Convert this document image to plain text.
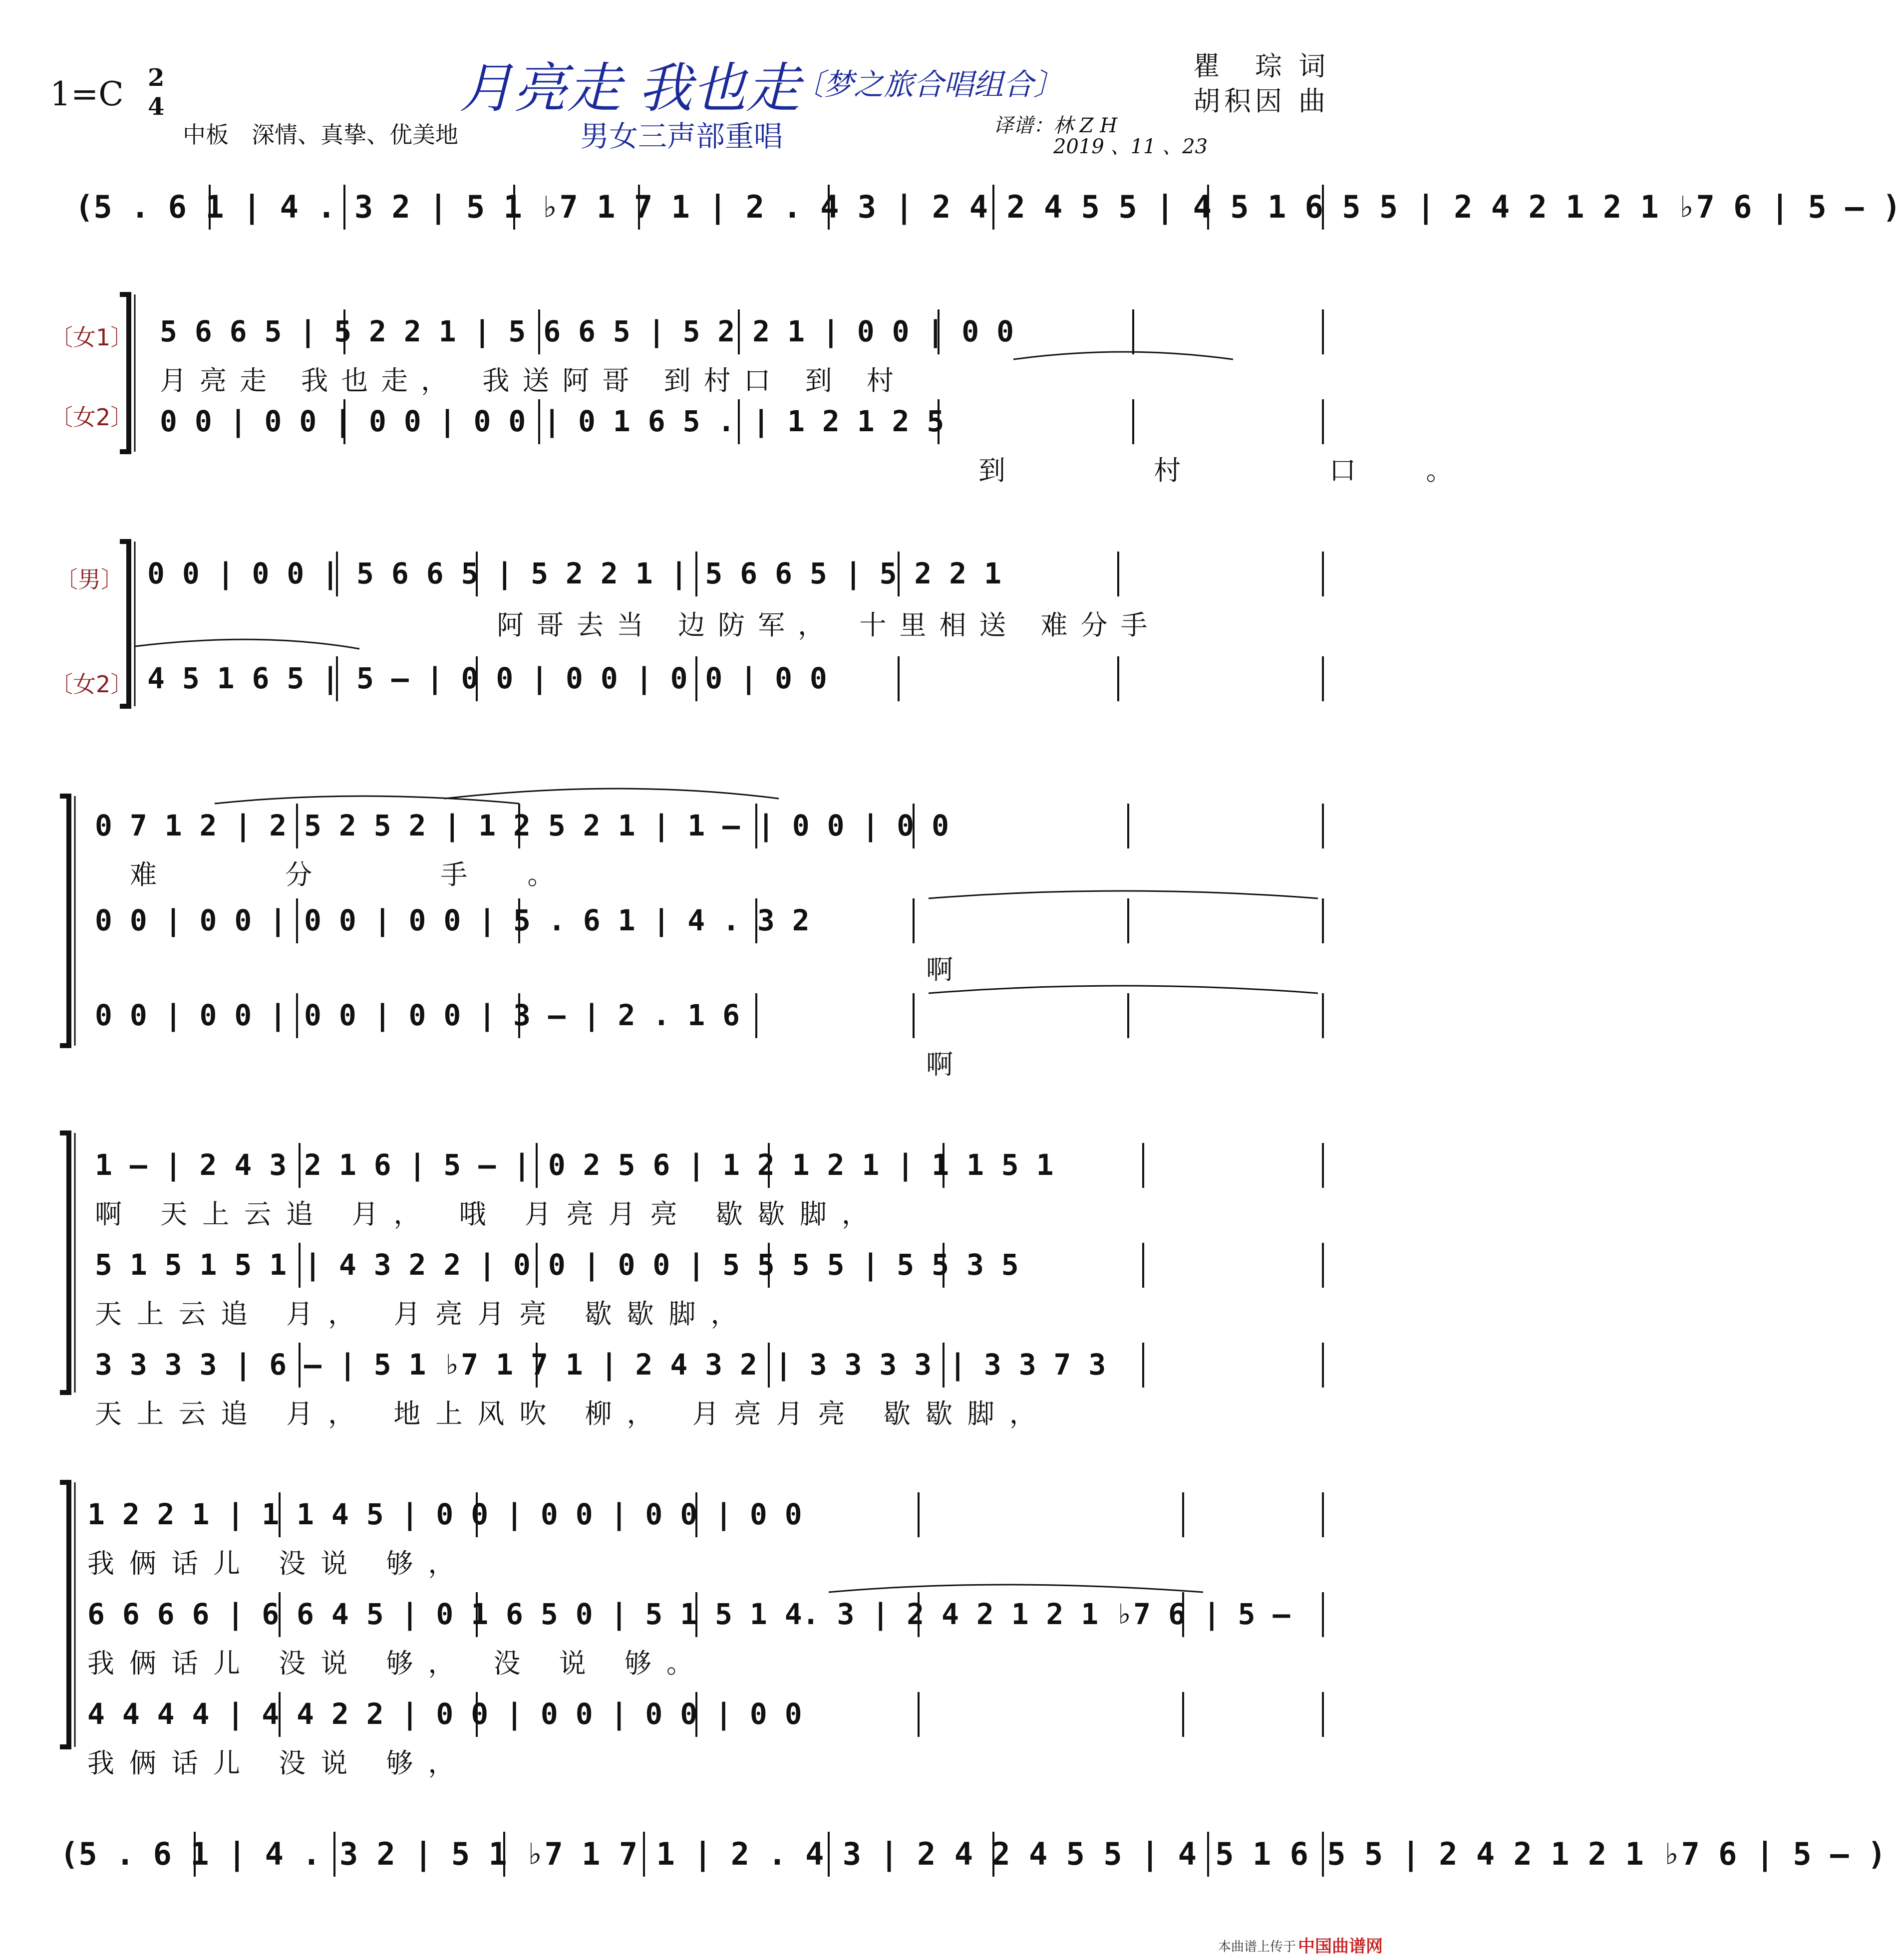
1=C 2
4	月亮走 我也走
〔梦之旅合唱组合〕
中板　深情、真挚、优美地	男女三声部重唱
瞿　琮 词
胡积因 曲
译谱：林 Z H
2019 、11 、23
(5 . 6 1 | 4 . 3 2 | 5 1 ♭7 1 7 1 | 2 . 4 3 | 2 4 2 4 5 5 | 4 5 1 6 5 5 | 2 4 2 1 2 1 ♭7 6 | 5 – )
〔女1〕
〔女2〕
5 6 6 5 | 5 2 2 1 | 5 6 6 5 | 5 2 2 1 | 0 0 | 0 0
月亮走 我也走， 我送阿哥 到村口 到 村
0 0 | 0 0 | 0 0 | 0 0 | 0 1 6 5 . | 1 2 1 2 5
到 村 口。
〔男〕
〔女2〕
0 0 | 0 0 | 5 6 6 5 | 5 2 2 1 | 5 6 6 5 | 5 2 2 1
阿哥去当 边防军， 十里相送 难分手
4 5 1 6 5 | 5 – | 0 0 | 0 0 | 0 0 | 0 0
0 7 1 2 | 2 5 2 5 2 | 1 2 5 2 1 | 1 – | 0 0 | 0 0
难 分 手。
0 0 | 0 0 | 0 0 | 0 0 | 5 . 6 1 | 4 . 3 2
啊
0 0 | 0 0 | 0 0 | 0 0 | 3 – | 2 . 1 6
啊
1 – | 2 4 3 2 1 6 | 5 – | 0 2 5 6 | 1 2 1 2 1 | 1 1 5 1
啊 天上云追 月， 哦 月亮月亮 歇歇脚，
5 1 5 1 5 1 | 4 3 2 2 | 0 0 | 0 0 | 5 5 5 5 | 5 5 3 5
天上云追 月， 月亮月亮 歇歇脚，
3 3 3 3 | 6 – | 5 1 ♭7 1 7 1 | 2 4 3 2 | 3 3 3 3 | 3 3 7 3
天上云追 月， 地上风吹 柳， 月亮月亮 歇歇脚，
1 2 2 1 | 1 1 4 5 | 0 0 | 0 0 | 0 0 | 0 0
我俩话儿 没说 够，
6 6 6 6 | 6 6 4 5 | 0 1 6 5 0 | 5 1 5 1 4. 3 | 2 4 2 1 2 1 ♭7 6 | 5 –
我俩话儿 没说 够， 没 说 够。
4 4 4 4 | 4 4 2 2 | 0 0 | 0 0 | 0 0 | 0 0
我俩话儿 没说 够，
(5 . 6 1 | 4 . 3 2 | 5 1 ♭7 1 7 1 | 2 . 4 3 | 2 4 2 4 5 5 | 4 5 1 6 5 5 | 2 4 2 1 2 1 ♭7 6 | 5 – )
本曲谱上传于 中国曲谱网
